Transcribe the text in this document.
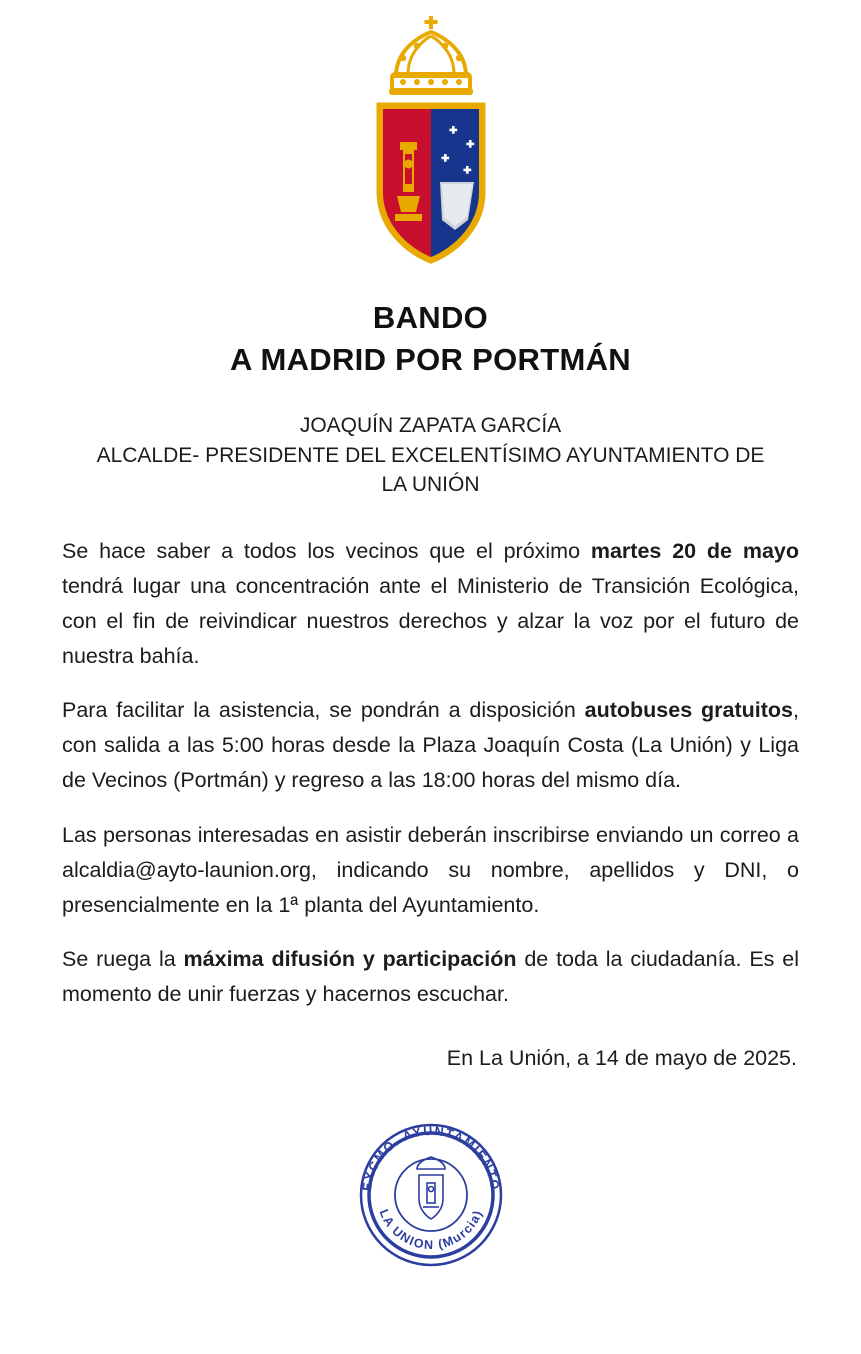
BANDO
A MADRID POR PORTMÁN
JOAQUÍN ZAPATA GARCÍA
ALCALDE- PRESIDENTE DEL EXCELENTÍSIMO AYUNTAMIENTO DE
LA UNIÓN

Se hace saber a todos los vecinos que el próximo martes 20 de mayo tendrá lugar una concentración ante el Ministerio de Transición Ecológica, con el fin de reivindicar nuestros derechos y alzar la voz por el futuro de nuestra bahía.

Para facilitar la asistencia, se pondrán a disposición autobuses gratuitos, con salida a las 5:00 horas desde la Plaza Joaquín Costa (La Unión) y Liga de Vecinos (Portmán) y regreso a las 18:00 horas del mismo día.

Las personas interesadas en asistir deberán inscribirse enviando un correo a alcaldia@ayto-launion.org, indicando su nombre, apellidos y DNI, o presencialmente en la 1ª planta del Ayuntamiento.

Se ruega la máxima difusión y participación de toda la ciudadanía. Es el momento de unir fuerzas y hacernos escuchar.

En La Unión, a 14 de mayo de 2025.
EXCMO. AYUNTAMIENTO
LA UNION (Murcia)
